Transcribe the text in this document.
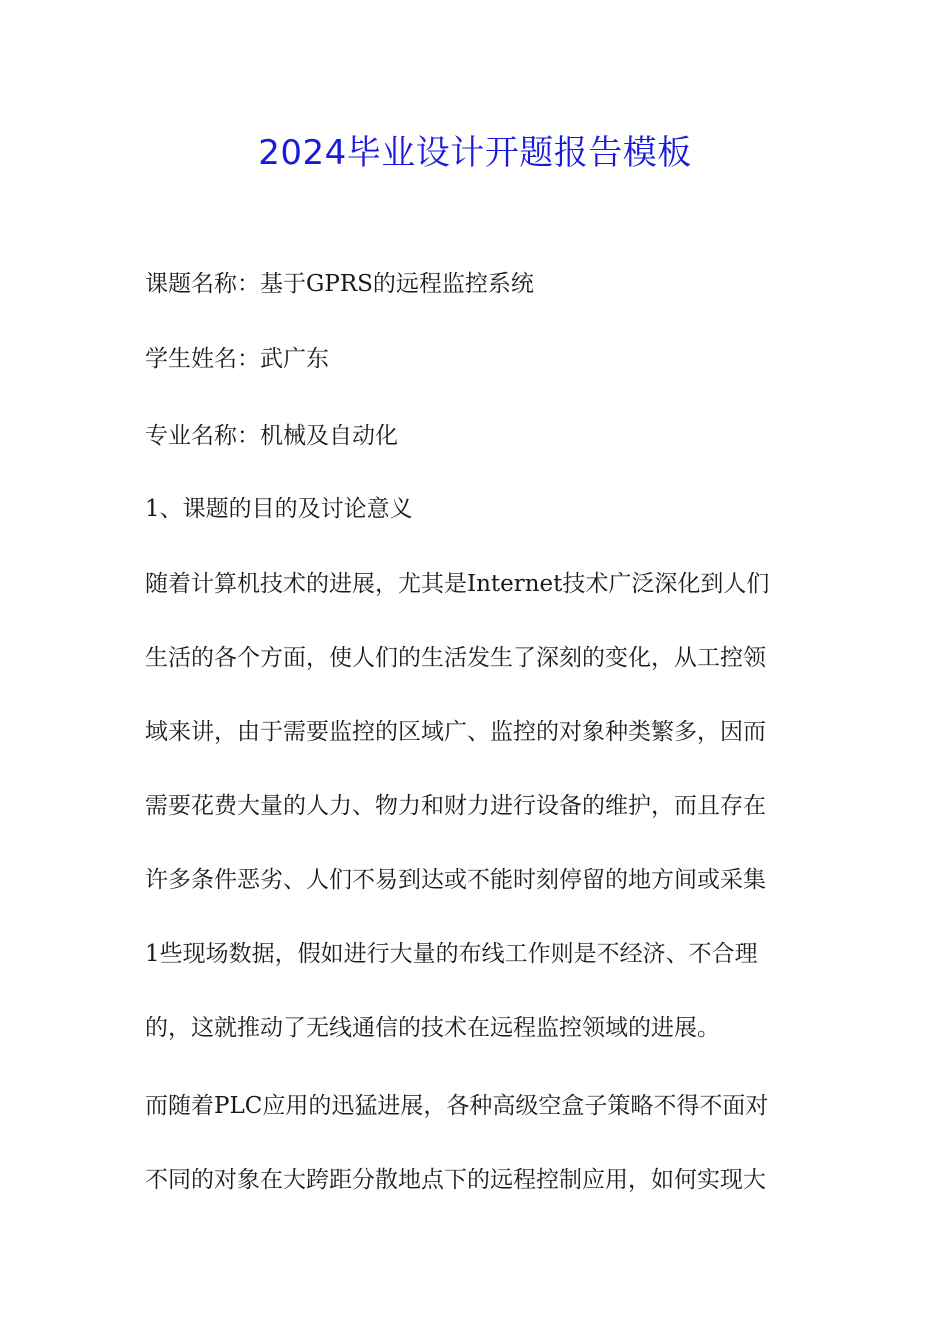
2024毕业设计开题报告模板
课题名称：基于GPRS的远程监控系统
学生姓名：武广东
专业名称：机械及自动化
1、课题的目的及讨论意义
随着计算机技术的进展，尤其是Internet技术广泛深化到人们
生活的各个方面，使人们的生活发生了深刻的变化，从工控领
域来讲，由于需要监控的区域广、监控的对象种类繁多，因而
需要花费大量的人力、物力和财力进行设备的维护，而且存在
许多条件恶劣、人们不易到达或不能时刻停留的地方间或采集
1些现场数据，假如进行大量的布线工作则是不经济、不合理
的，这就推动了无线通信的技术在远程监控领域的进展。
而随着PLC应用的迅猛进展，各种高级空盒子策略不得不面对
不同的对象在大跨距分散地点下的远程控制应用，如何实现大
